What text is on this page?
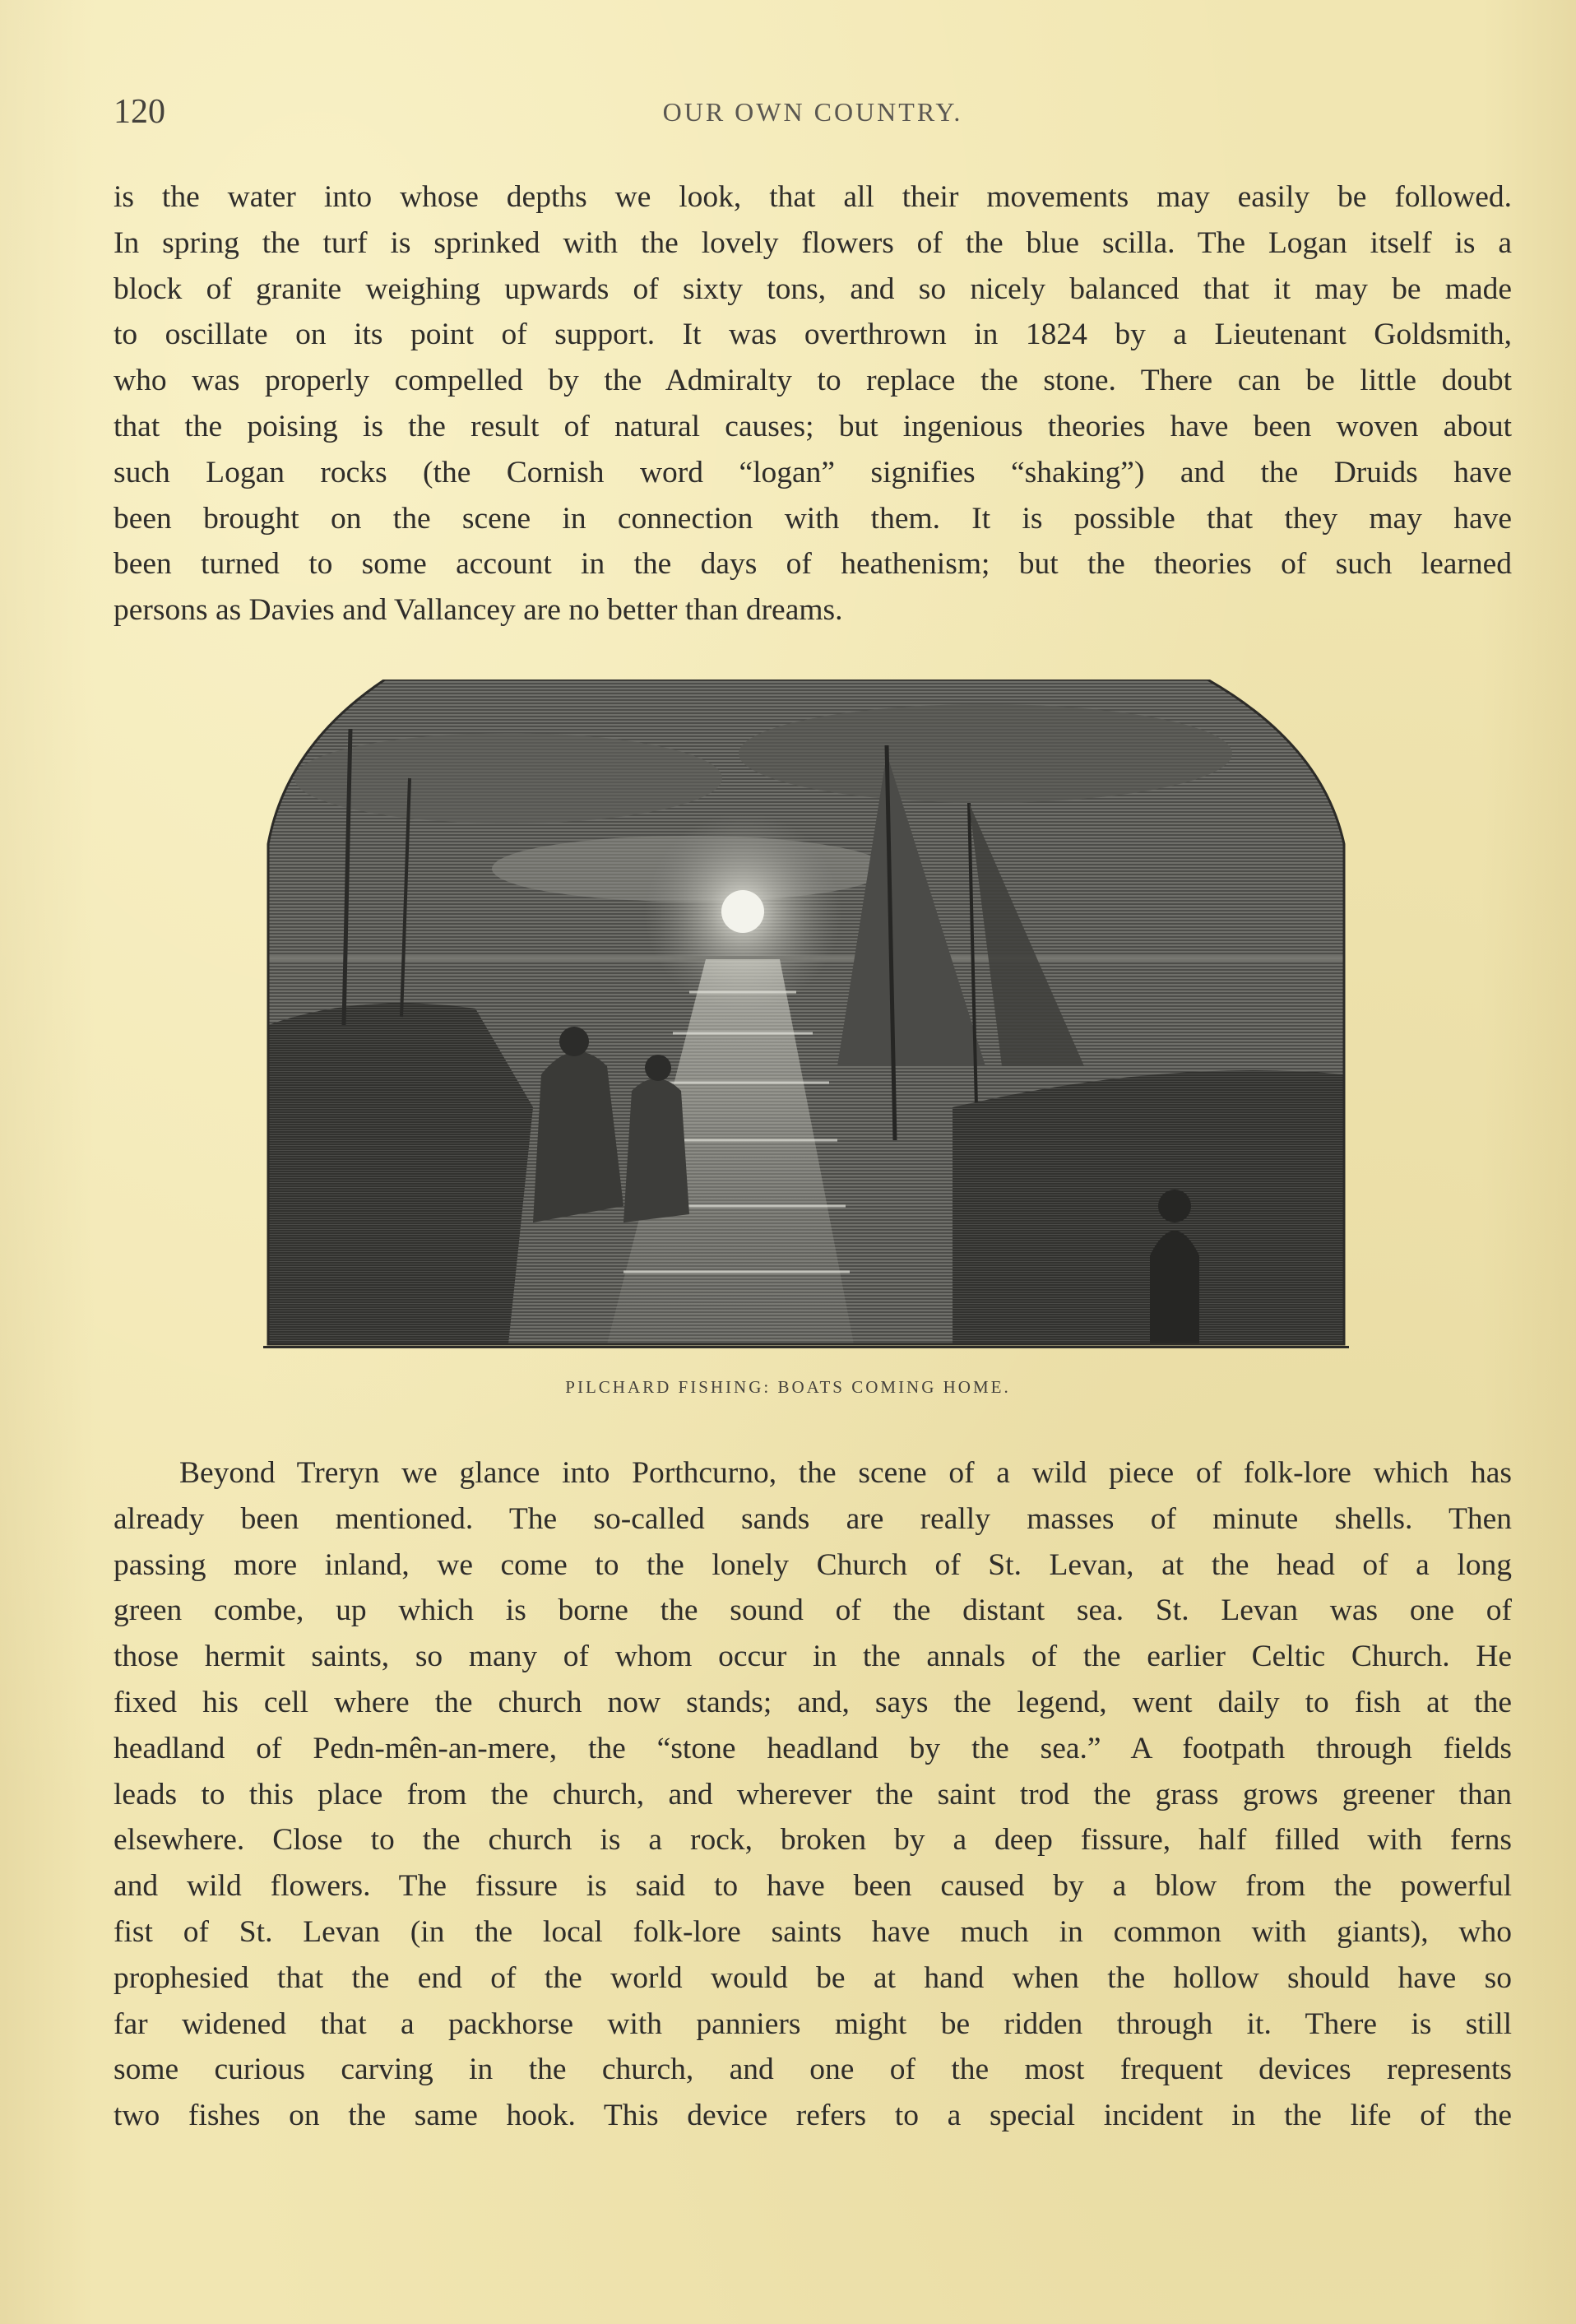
120	OUR OWN COUNTRY.
is the water into whose depths we look, that all their movements may easily be followed.
In spring the turf is sprinked with the lovely flowers of the blue scilla. The Logan itself is a
block of granite weighing upwards of sixty tons, and so nicely balanced that it may be made
to oscillate on its point of support. It was overthrown in 1824 by a Lieutenant Goldsmith,
who was properly compelled by the Admiralty to replace the stone. There can be little doubt
that the poising is the result of natural causes; but ingenious theories have been woven about
such Logan rocks (the Cornish word “logan” signifies “shaking”) and the Druids have
been brought on the scene in connection with them. It is possible that they may have
been turned to some account in the days of heathenism; but the theories of such learned
persons as Davies and Vallancey are no better than dreams.
PILCHARD FISHING: BOATS COMING HOME.
Beyond Treryn we glance into Porthcurno, the scene of a wild piece of folk-lore which has
already been mentioned. The so-called sands are really masses of minute shells. Then
passing more inland, we come to the lonely Church of St. Levan, at the head of a long
green combe, up which is borne the sound of the distant sea. St. Levan was one of
those hermit saints, so many of whom occur in the annals of the earlier Celtic Church. He
fixed his cell where the church now stands; and, says the legend, went daily to fish at the
headland of Pedn-mên-an-mere, the “stone headland by the sea.” A footpath through fields
leads to this place from the church, and wherever the saint trod the grass grows greener than
elsewhere. Close to the church is a rock, broken by a deep fissure, half filled with ferns
and wild flowers. The fissure is said to have been caused by a blow from the powerful
fist of St. Levan (in the local folk-lore saints have much in common with giants), who
prophesied that the end of the world would be at hand when the hollow should have so
far widened that a packhorse with panniers might be ridden through it. There is still
some curious carving in the church, and one of the most frequent devices represents
two fishes on the same hook. This device refers to a special incident in the life of the
